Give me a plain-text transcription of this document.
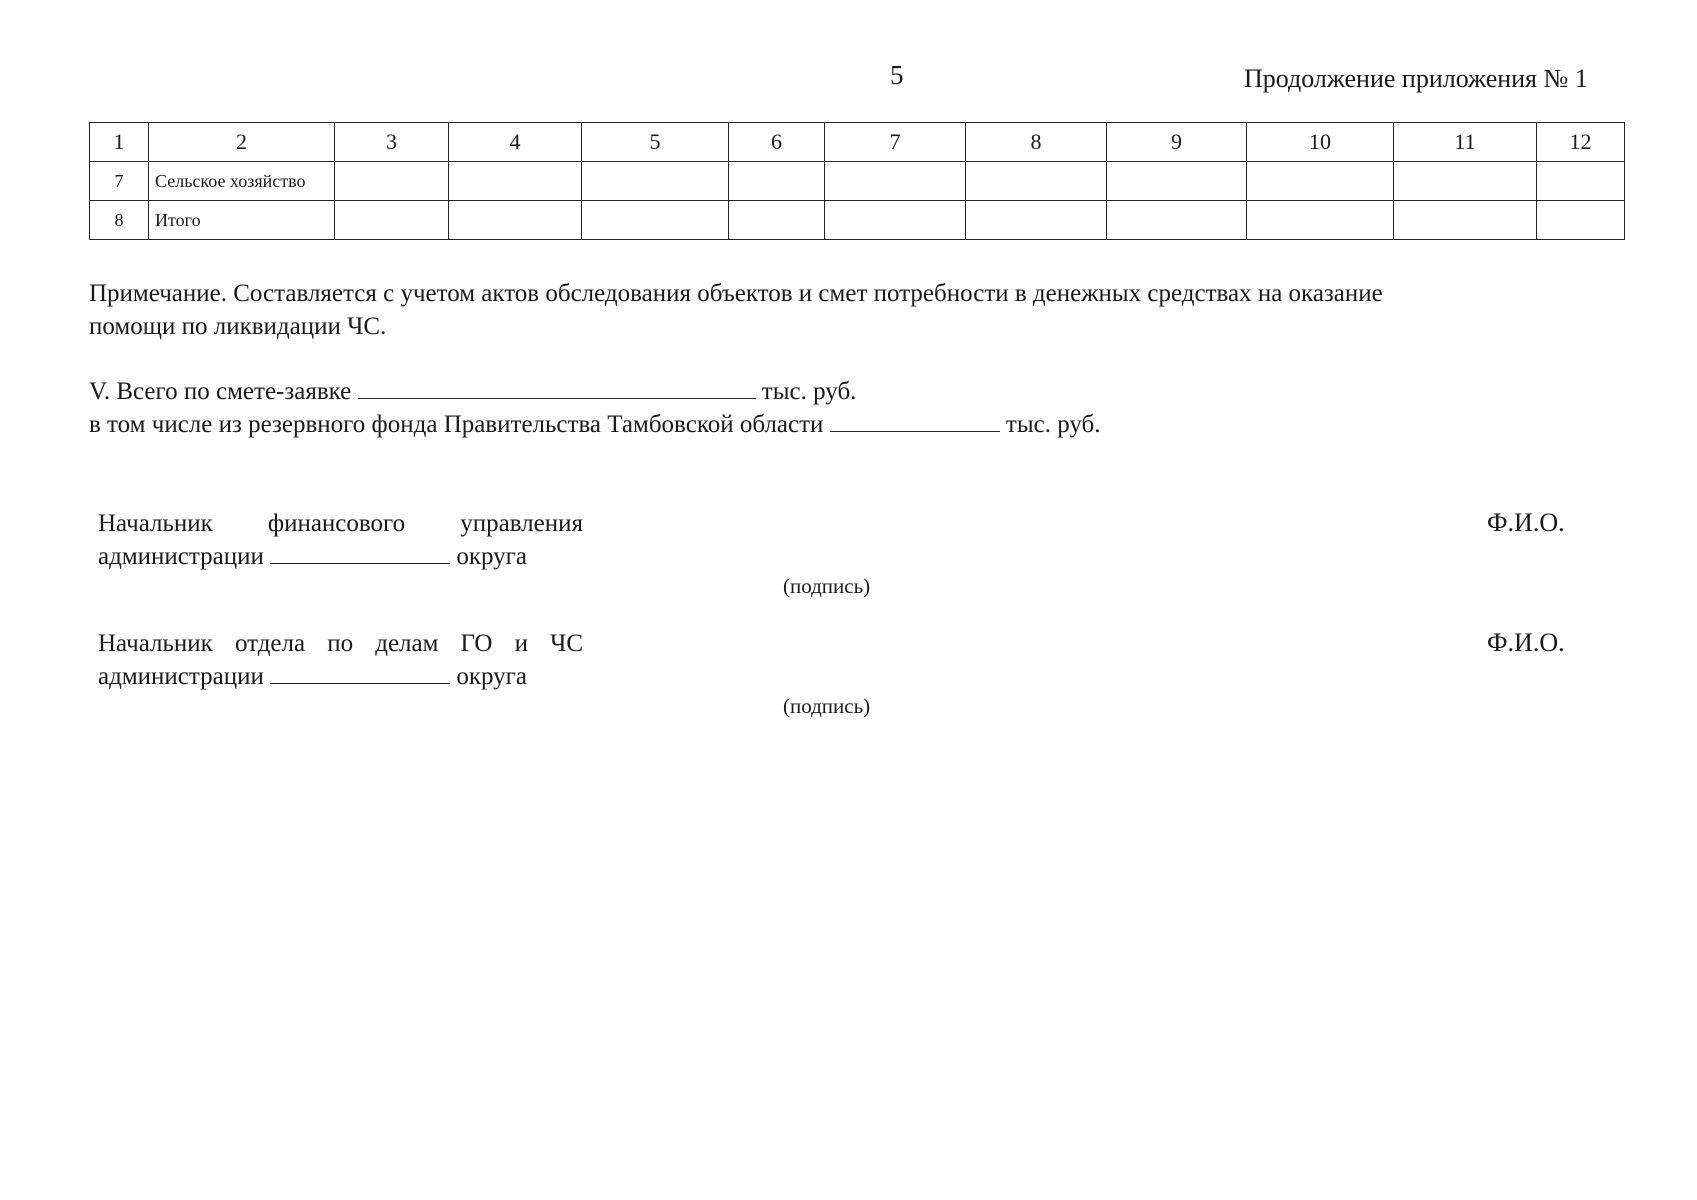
5	Продолжение приложения № 1
1	2	3	4	5	6	7	8	9	10	11	12
7	Сельское хозяйство										
8	Итого										
Примечание. Составляется с учетом актов обследования объектов и смет потребности в денежных средствах на оказание
помощи по ликвидации ЧС.
V. Всего по смете-заявке	тыс. руб.
в том числе из резервного фонда Правительства Тамбовской области	тыс. руб.
Начальник финансового управления
администрации	округа
Ф.И.О.
(подпись)
Начальник отдела по делам ГО и ЧС
администрации	округа
Ф.И.О.
(подпись)
